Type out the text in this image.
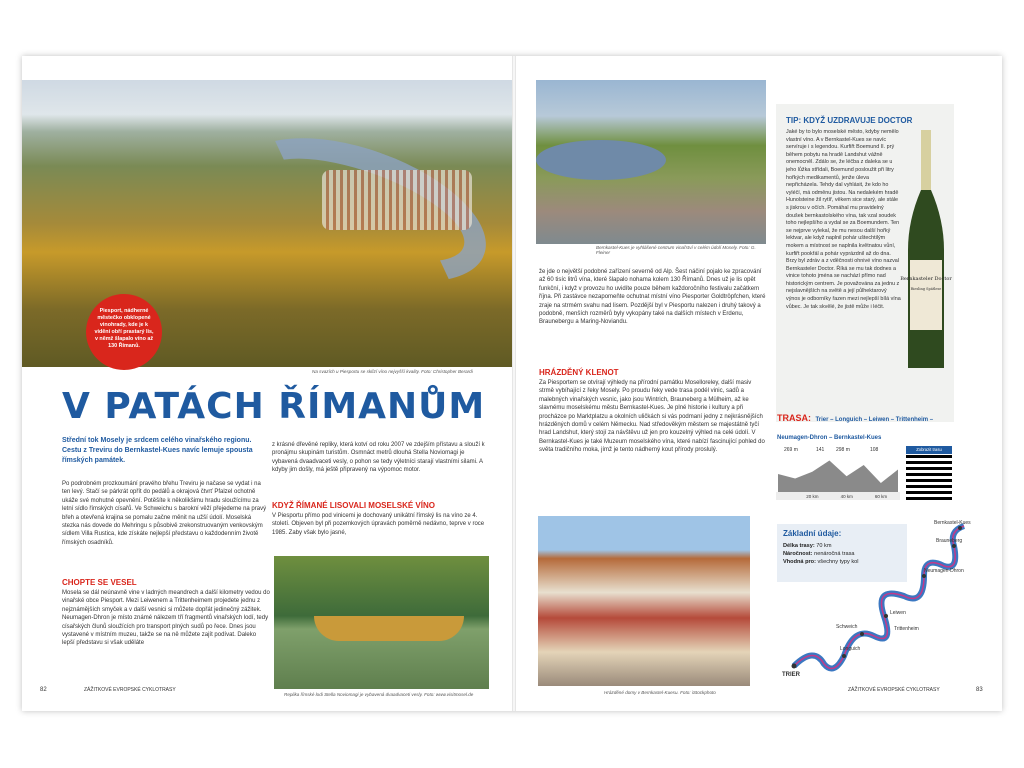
Na svazích u Piesportu se sklízí víno nejvyšší kvality. Foto: Christopher Berardi
Piesport, nádherné městečko obklopené vinohrady, kde je k vidění obří prastarý lis, v němž šlapalo víno až 130 Římanů.
V PATÁCH ŘÍMANŮM
Střední tok Mosely je srdcem celého vinařského regionu. Cestu z Treviru do Bernkastel-Kues navíc lemuje spousta římských památek.
Po podrobném prozkoumání pravého břehu Treviru je načase se vydat i na ten levý. Stačí se párkrát opřít do pedálů a okrajová čtvrť Pfalzel ochotně ukáže své mohutné opevnění. Potěšíte k několikšimu hradu sloužícímu za letní sídlo římských císařů. Ve Schweichu s barokní věží přejedeme na pravý břeh a otevřená krajina se pomalu začne měnit na užší údolí. Moselská stezka nás dovede do Mehringu s působivě zrekonstruovaným venkovským sídlem Villa Rustica, kde získáte nejlepší představu o každodenním životě římských osadníků.
CHOPTE SE VESEL
Mosela se dál neúnavně vine v ladných meandrech a další kilometry vedou do vinařské obce Piesport. Mezi Leiwenem a Trittenheimem projedete jednu z nejznámějších smyček a v další vesnici si můžete dopřát jedinečný zážitek. Neumagen-Dhron je místo známé nálezem tří fragmentů vinařských lodí, tedy císařských člunů sloužících pro transport plných sudů po řece. Dnes jsou vystavené v místním muzeu, takže se na ně můžete zajít podívat. Daleko lepší představu si však uděláte
z krásné dřevěné repliky, která kotví od roku 2007 ve zdejším přístavu a slouží k pronájmu skupinám turistům. Osmnáct metrů dlouhá Stella Noviomagi je vybavená dvaadvaceti vesly, o pohon se tedy výletníci starají vlastními silami. A kdyby jim došly, má ještě připravený na výpomoc motor.
KDYŽ ŘÍMANÉ LISOVALI MOSELSKÉ VÍNO
V Piesportu přímo pod vinicemi je dochovaný unikátní římský lis na víno ze 4. století. Objeven byl při pozemkových úpravách poměrně nedávno, teprve v roce 1985. Zaby však bylo jasné,
Replika římské lodi Stella Noviomagi je vybavená dvaadvaceti vesly. Foto: www.visitmosel.de
82	ZÁŽITKOVÉ EVROPSKÉ CYKLOTRASY
Bernkastel-Kues je vyhlášené centrum vinařství v celém údolí Mosely. Foto: G. Fleiner
že jde o největší podobné zařízení severně od Alp. Šest náčiní pojalo ke zpracování až 60 tisíc litrů vína, které šlapalo nohama kolem 130 Římanů. Dnes už je lis opět funkční, i když v provozu ho uvidíte pouze během každoročního festivalu začátkem října. Při zastávce nezapomeňte ochutnat místní víno Piesporter Goldtröpfchen, které zraje na strmém svahu nad lisem. Pozdější byl v Piesportu nalezen i druhý takový a podobně, menších rozměrů byly vykopány také na dalších místech v Erdenu, Braunebergu a Maring-Noviandu.
HRÁZDĚNÝ KLENOT
Za Piesportem se otvírají výhledy na přírodní památku Moselloreley, další masiv strmě vybíhající z řeky Mosely. Po proudu řeky vede trasa podél vinic, sadů a malebných vinařských vesnic, jako jsou Wintrich, Brauneberg a Mülheim, až ke slavnému moselskému městu Bernkastel-Kues. Je plné historie i kultury a při procházce po Marktplatzu a okolních uličkách si vás podmaní jedny z nejkrásnějších hrázděných domů v celém Německu. Nad středověkým městem se majestátně tyčí hrad Landshut, který stojí za návštěvu už jen pro kouzelný výhled na celé údolí. V Bernkastel-Kues je také Muzeum moselského vína, které nabízí fascinující pohled do světa tradičního moka, jímž je tento nádherný kout přírody proslulý.
Hrázděné domy v Bernkastel-Kuesu. Foto: iStockphoto
TIP: KDYŽ UZDRAVUJE DOCTOR
Jaké by to bylo moselské město, kdyby nemělo vlastní víno. A v Bernkastel-Kues se navíc servíruje i s legendou. Kurfiřt Boemund II. prý během pobytu na hradě Landshut vážně onemocněl. Zdálo se, že léčba z daleka se u jeho lůžka střídali, Boemund posloužit při litry hořkých medikamentů, jenže úleva nepřicházela. Tehdy dal vyhlásit, že kdo ho vyléčí, má odměnu jistou. Na nedalekém hradě Hunolsteine žil rytíř, věkem sice starý, ale stále s jiskrou v očích. Pomáhal mu pravidelný doušek bernkastolského vína, tak vzal soudek toho nejlepšího a vydal se za Boemundem. Ten se nejprve vylekal, že mu nesou další hořký lektvar, ale když naplnil pohár uštechtilým mokem a místnost se naplnila květnatou vůní, kurfiřt pookřál a pohár vyprázdnil až do dna. Brzy byl zdráv a z vděčnosti ohnivé víno nazval Bernkasteler Doctor. Říká se mu tak dodnes a vinice tohoto jména se nachází přímo nad historickým centrem. Je považována za jednu z nejslavnějších na světě a její půlhektarový výnos je odborníky řazen mezi nejlepší bílá vína vůbec. Je tak skvělé, že jistě může i léčit.
Bernkasteler Doctor
Riesling Spätlese
TRASA: Trier – Longuich – Leiwen – Trittenheim – Neumagen-Dhron – Bernkastel-Kues
269 m	141 298 m	108
20 km	40 km	60 km
Zobrazit trasu
Základní údaje:
Délka trasy: 70 km
Náročnost: nenáročná trasa
Vhodná pro: všechny typy kol
Bernkastel-Kues
Brauneberg
Neumagen-Dhron
Leiwen
Schweich
Longuich
Trittenheim
TRIER
ZÁŽITKOVÉ EVROPSKÉ CYKLOTRASY	83
